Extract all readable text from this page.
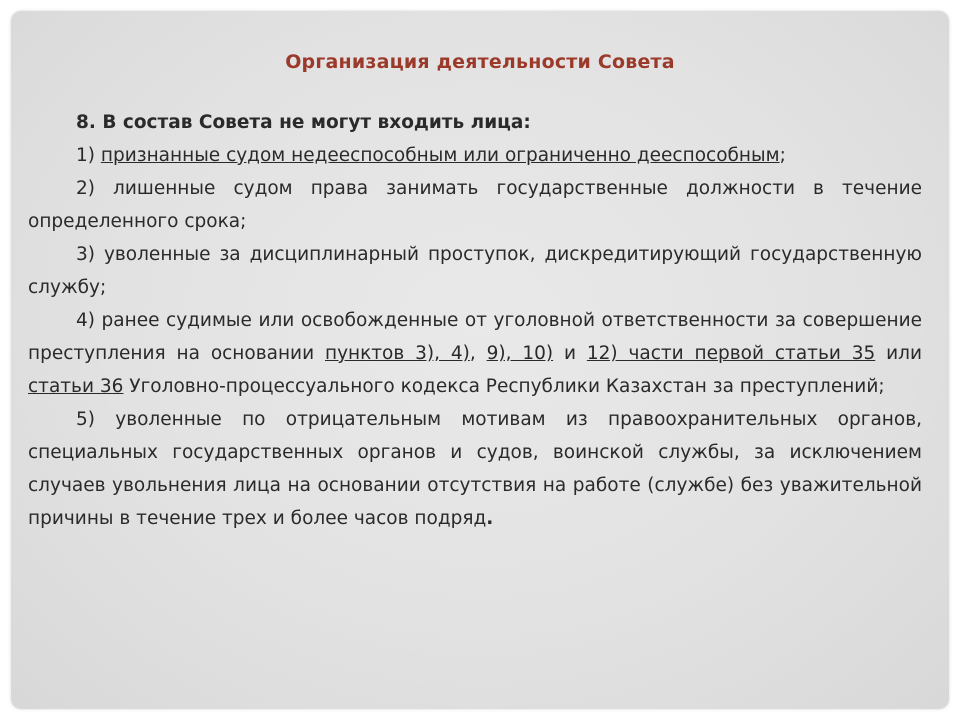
Организация деятельности Совета

8. В состав Совета не могут входить лица:

1) признанные судом недееспособным или ограниченно дееспособным;

2) лишенные судом права занимать государственные должности в течение определенного срока;

3) уволенные за дисциплинарный проступок, дискредитирующий государственную службу;

4) ранее судимые или освобожденные от уголовной ответственности за совершение преступления на основании пунктов 3), 4), 9), 10) и 12) части первой статьи 35 или статьи 36 Уголовно-процессуального кодекса Республики Казахстан за преступлений;

5) уволенные по отрицательным мотивам из правоохранительных органов, специальных государственных органов и судов, воинской службы, за исключением случаев увольнения лица на основании отсутствия на работе (службе) без уважительной причины в течение трех и более часов подряд.
